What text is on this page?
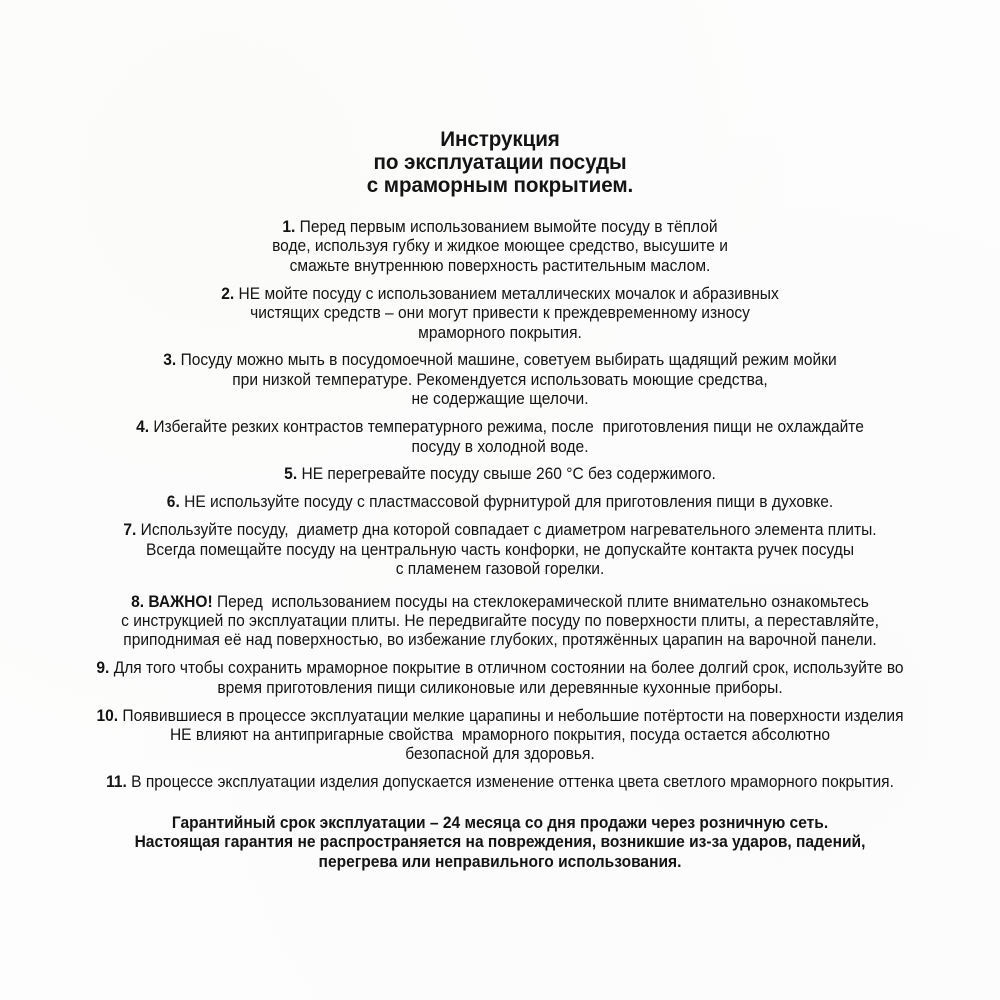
Инструкция
по эксплуатации посуды
с мраморным покрытием.
1. Перед первым использованием вымойте посуду в тёплой
воде, используя губку и жидкое моющее средство, высушите и
смажьте внутреннюю поверхность растительным маслом.
2. НЕ мойте посуду с использованием металлических мочалок и абразивных
чистящих средств – они могут привести к преждевременному износу
мраморного покрытия.
3. Посуду можно мыть в посудомоечной машине, советуем выбирать щадящий режим мойки
при низкой температуре. Рекомендуется использовать моющие средства,
не содержащие щелочи.
4. Избегайте резких контрастов температурного режима, после  приготовления пищи не охлаждайте
посуду в холодной воде.
5. НЕ перегревайте посуду свыше 260 °C без содержимого.
6. НЕ используйте посуду с пластмассовой фурнитурой для приготовления пищи в духовке.
7. Используйте посуду,  диаметр дна которой совпадает с диаметром нагревательного элемента плиты.
Всегда помещайте посуду на центральную часть конфорки, не допускайте контакта ручек посуды
с пламенем газовой горелки.
8. ВАЖНО! Перед  использованием посуды на стеклокерамической плите внимательно ознакомьтесь
с инструкцией по эксплуатации плиты. Не передвигайте посуду по поверхности плиты, а переставляйте,
приподнимая её над поверхностью, во избежание глубоких, протяжённых царапин на варочной панели.
9. Для того чтобы сохранить мраморное покрытие в отличном состоянии на более долгий срок, используйте во
время приготовления пищи силиконовые или деревянные кухонные приборы.
10. Появившиеся в процессе эксплуатации мелкие царапины и небольшие потёртости на поверхности изделия
НЕ влияют на антипригарные свойства  мраморного покрытия, посуда остается абсолютно
безопасной для здоровья.
11. В процессе эксплуатации изделия допускается изменение оттенка цвета светлого мраморного покрытия.
Гарантийный срок эксплуатации – 24 месяца со дня продажи через розничную сеть.
Настоящая гарантия не распространяется на повреждения, возникшие из-за ударов, падений,
перегрева или неправильного использования.
